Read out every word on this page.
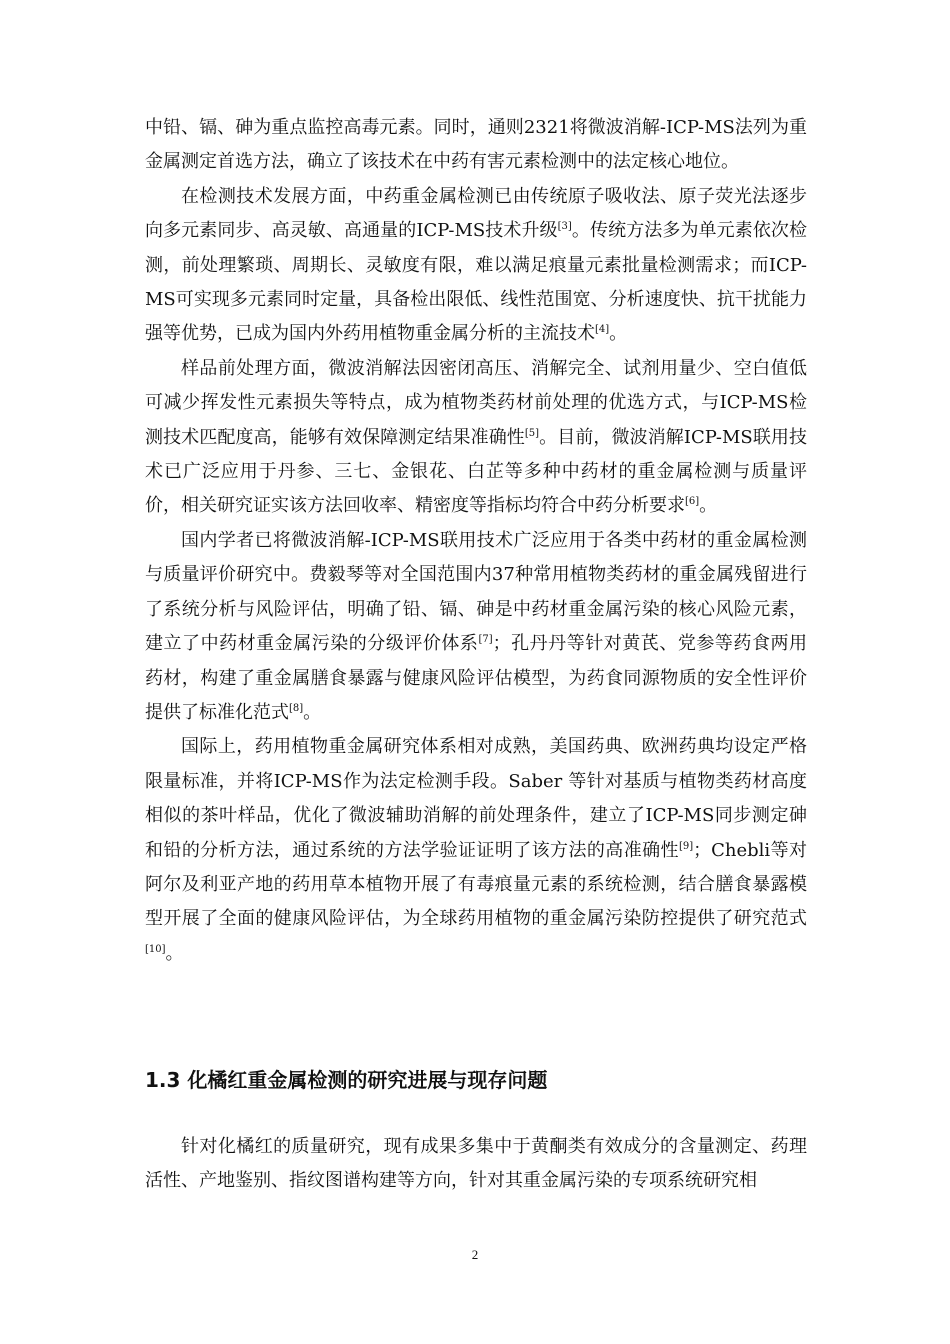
中铅、镉、砷为重点监控高毒元素。同时，通则2321将微波消解-ICP-MS法列为重金属测定首选方法，确立了该技术在中药有害元素检测中的法定核心地位。

在检测技术发展方面，中药重金属检测已由传统原子吸收法、原子荧光法逐步向多元素同步、高灵敏、高通量的ICP-MS技术升级[3]。传统方法多为单元素依次检测，前处理繁琐、周期长、灵敏度有限，难以满足痕量元素批量检测需求；而ICP-MS可实现多元素同时定量，具备检出限低、线性范围宽、分析速度快、抗干扰能力强等优势，已成为国内外药用植物重金属分析的主流技术[4]。

样品前处理方面，微波消解法因密闭高压、消解完全、试剂用量少、空白值低可减少挥发性元素损失等特点，成为植物类药材前处理的优选方式，与ICP-MS检测技术匹配度高，能够有效保障测定结果准确性[5]。目前，微波消解ICP-MS联用技术已广泛应用于丹参、三七、金银花、白芷等多种中药材的重金属检测与质量评价，相关研究证实该方法回收率、精密度等指标均符合中药分析要求[6]。

国内学者已将微波消解-ICP-MS联用技术广泛应用于各类中药材的重金属检测与质量评价研究中。费毅琴等对全国范围内37种常用植物类药材的重金属残留进行了系统分析与风险评估，明确了铅、镉、砷是中药材重金属污染的核心风险元素，建立了中药材重金属污染的分级评价体系[7]；孔丹丹等针对黄芪、党参等药食两用药材，构建了重金属膳食暴露与健康风险评估模型，为药食同源物质的安全性评价提供了标准化范式[8]。

国际上，药用植物重金属研究体系相对成熟，美国药典、欧洲药典均设定严格限量标准，并将ICP-MS作为法定检测手段。Saber 等针对基质与植物类药材高度相似的茶叶样品，优化了微波辅助消解的前处理条件，建立了ICP-MS同步测定砷和铅的分析方法，通过系统的方法学验证证明了该方法的高准确性[9]；Chebli等对阿尔及利亚产地的药用草本植物开展了有毒痕量元素的系统检测，结合膳食暴露模型开展了全面的健康风险评估，为全球药用植物的重金属污染防控提供了研究范式[10]。

1.3 化橘红重金属检测的研究进展与现存问题

针对化橘红的质量研究，现有成果多集中于黄酮类有效成分的含量测定、药理活性、产地鉴别、指纹图谱构建等方向，针对其重金属污染的专项系统研究相

2
